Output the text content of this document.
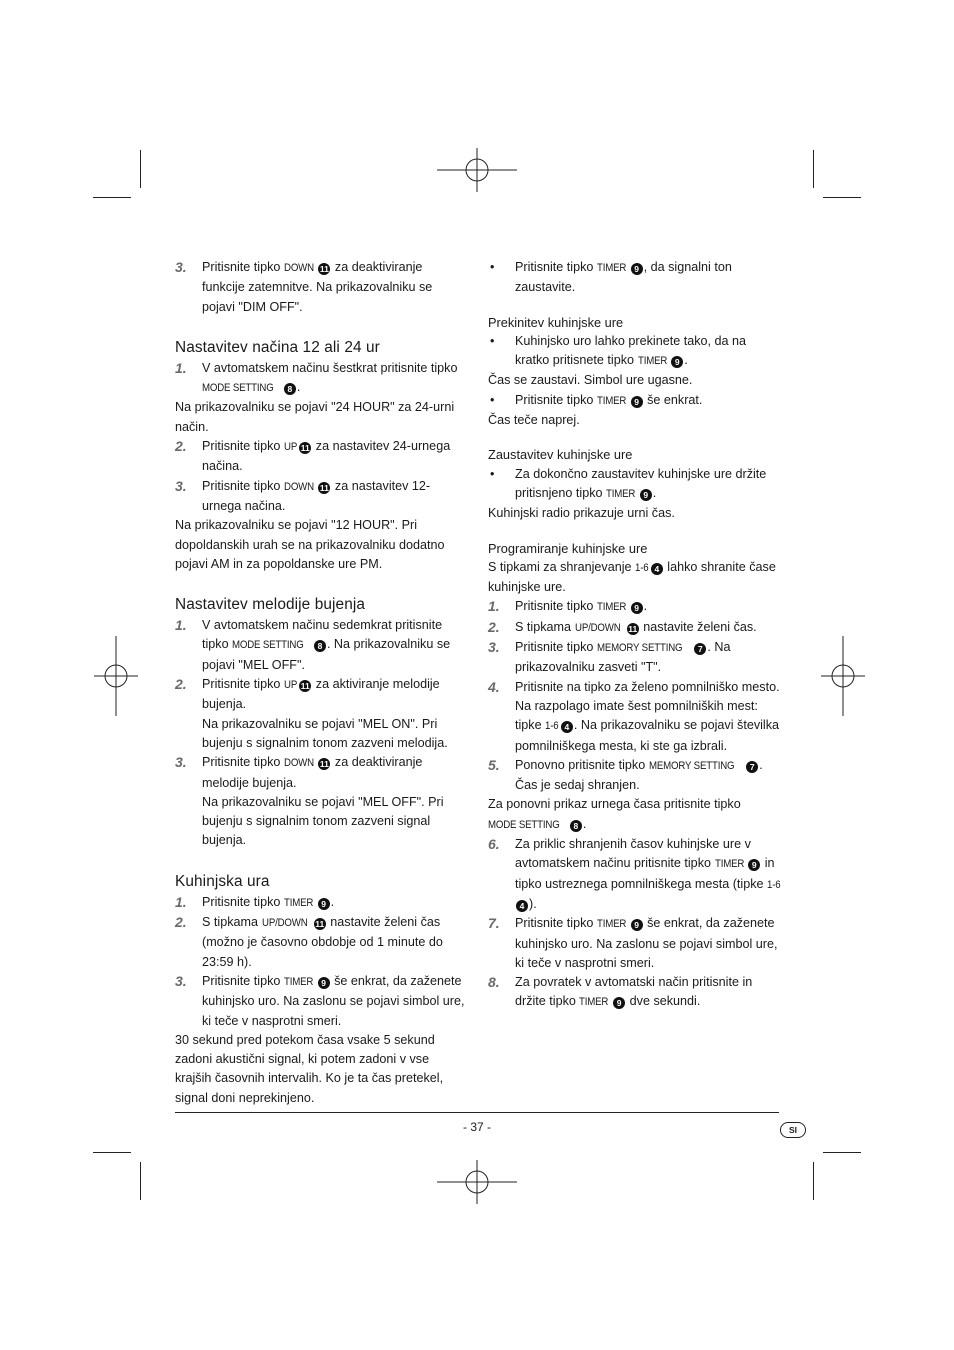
3. Pritisnite tipko DOWN 11 za deaktiviranje funkcije zatemnitve. Na prikazovalniku se pojavi "DIM OFF".
Nastavitev načina 12 ali 24 ur
1. V avtomatskem načinu šestkrat pritisnite tipko MODE SETTING 8 .

Na prikazovalniku se pojavi "24 HOUR" za 24-urni način.

2. Pritisnite tipko UP 11 za nastavitev 24-urnega načina.
3. Pritisnite tipko DOWN 11 za nastavitev 12-urnega načina.

Na prikazovalniku se pojavi "12 HOUR". Pri dopoldanskih urah se na prikazovalniku dodatno pojavi AM in za popoldanske ure PM.

Nastavitev melodije bujenja
1. V avtomatskem načinu sedemkrat pritisnite tipko MODE SETTING 8 . Na prikazovalniku se pojavi "MEL OFF".
2. Pritisnite tipko UP 11 za aktiviranje melodije bujenja.

Na prikazovalniku se pojavi "MEL ON". Pri bujenju s signalnim tonom zazveni melodija.

3. Pritisnite tipko DOWN 11 za deaktiviranje melodije bujenja.

Na prikazovalniku se pojavi "MEL OFF". Pri bujenju s signalnim tonom zazveni signal bujenja.

Kuhinjska ura
1. Pritisnite tipko TIMER 9 .
2. S tipkama UP/DOWN 11 nastavite želeni čas (možno je časovno obdobje od 1 minute do 23:59 h).
3. Pritisnite tipko TIMER 9 še enkrat, da zaženete kuhinjsko uro. Na zaslonu se pojavi simbol ure, ki teče v nasprotni smeri.

30 sekund pred potekom časa vsake 5 sekund zadoni akustični signal, ki potem zadoni v vse krajših časovnih intervalih. Ko je ta čas pretekel, signal doni neprekinjeno.

• Pritisnite tipko TIMER 9 , da signalni ton zaustavite.
Prekinitev kuhinjske ure
• Kuhinjsko uro lahko prekinete tako, da na kratko pritisnete tipko TIMER 9 .

Čas se zaustavi. Simbol ure ugasne.

• Pritisnite tipko TIMER 9 še enkrat.

Čas teče naprej.

Zaustavitev kuhinjske ure
• Za dokončno zaustavitev kuhinjske ure držite pritisnjeno tipko TIMER 9 .

Kuhinjski radio prikazuje urni čas.

Programiranje kuhinjske ure

S tipkami za shranjevanje 1-6 4 lahko shranite čase kuhinjske ure.

1. Pritisnite tipko TIMER 9 .
2. S tipkama UP/DOWN 11 nastavite želeni čas.
3. Pritisnite tipko MEMORY SETTING 7 . Na prikazovalniku zasveti "T".
4. Pritisnite na tipko za želeno pomnilniško mesto. Na razpolago imate šest pomnilniških mest: tipke 1-6 4 . Na prikazovalniku se pojavi številka pomnilniškega mesta, ki ste ga izbrali.
5. Ponovno pritisnite tipko MEMORY SETTING 7 . Čas je sedaj shranjen.

Za ponovni prikaz urnega časa pritisnite tipko MODE SETTING 8 .

6. Za priklic shranjenih časov kuhinjske ure v avtomatskem načinu pritisnite tipko TIMER 9 in tipko ustreznega pomnilniškega mesta (tipke 1-6 4 ).
7. Pritisnite tipko TIMER 9 še enkrat, da zaženete kuhinjsko uro. Na zaslonu se pojavi simbol ure, ki teče v nasprotni smeri.
8. Za povratek v avtomatski način pritisnite in držite tipko TIMER 9 dve sekundi.
- 37 -	SI
